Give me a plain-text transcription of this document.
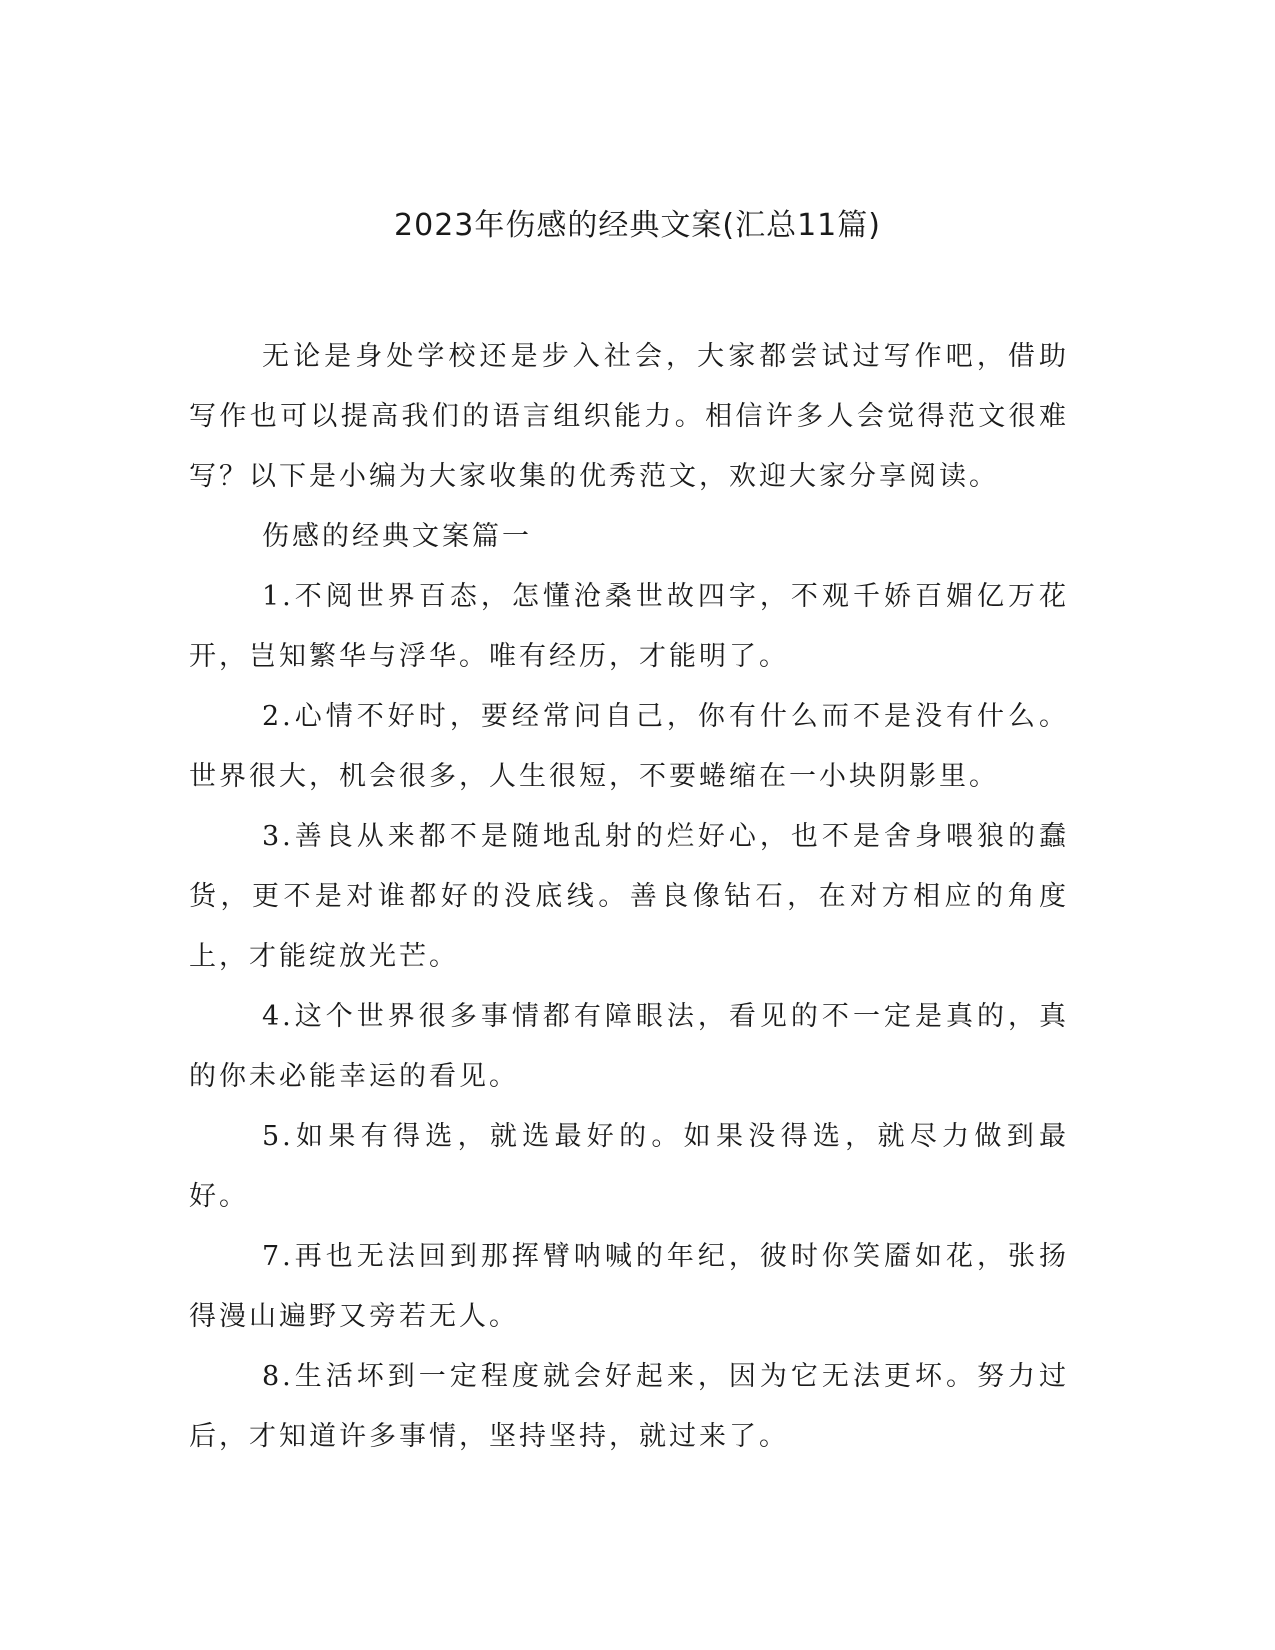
2023年伤感的经典文案(汇总11篇)

无论是身处学校还是步入社会，大家都尝试过写作吧，借助写作也可以提高我们的语言组织能力。相信许多人会觉得范文很难写？以下是小编为大家收集的优秀范文，欢迎大家分享阅读。

伤感的经典文案篇一

1.不阅世界百态，怎懂沧桑世故四字，不观千娇百媚亿万花开，岂知繁华与浮华。唯有经历，才能明了。

2.心情不好时，要经常问自己，你有什么而不是没有什么。世界很大，机会很多，人生很短，不要蜷缩在一小块阴影里。

3.善良从来都不是随地乱射的烂好心，也不是舍身喂狼的蠢货，更不是对谁都好的没底线。善良像钻石，在对方相应的角度上，才能绽放光芒。

4.这个世界很多事情都有障眼法，看见的不一定是真的，真的你未必能幸运的看见。

5.如果有得选，就选最好的。如果没得选，就尽力做到最好。

7.再也无法回到那挥臂呐喊的年纪，彼时你笑靥如花，张扬得漫山遍野又旁若无人。

8.生活坏到一定程度就会好起来，因为它无法更坏。努力过后，才知道许多事情，坚持坚持，就过来了。
